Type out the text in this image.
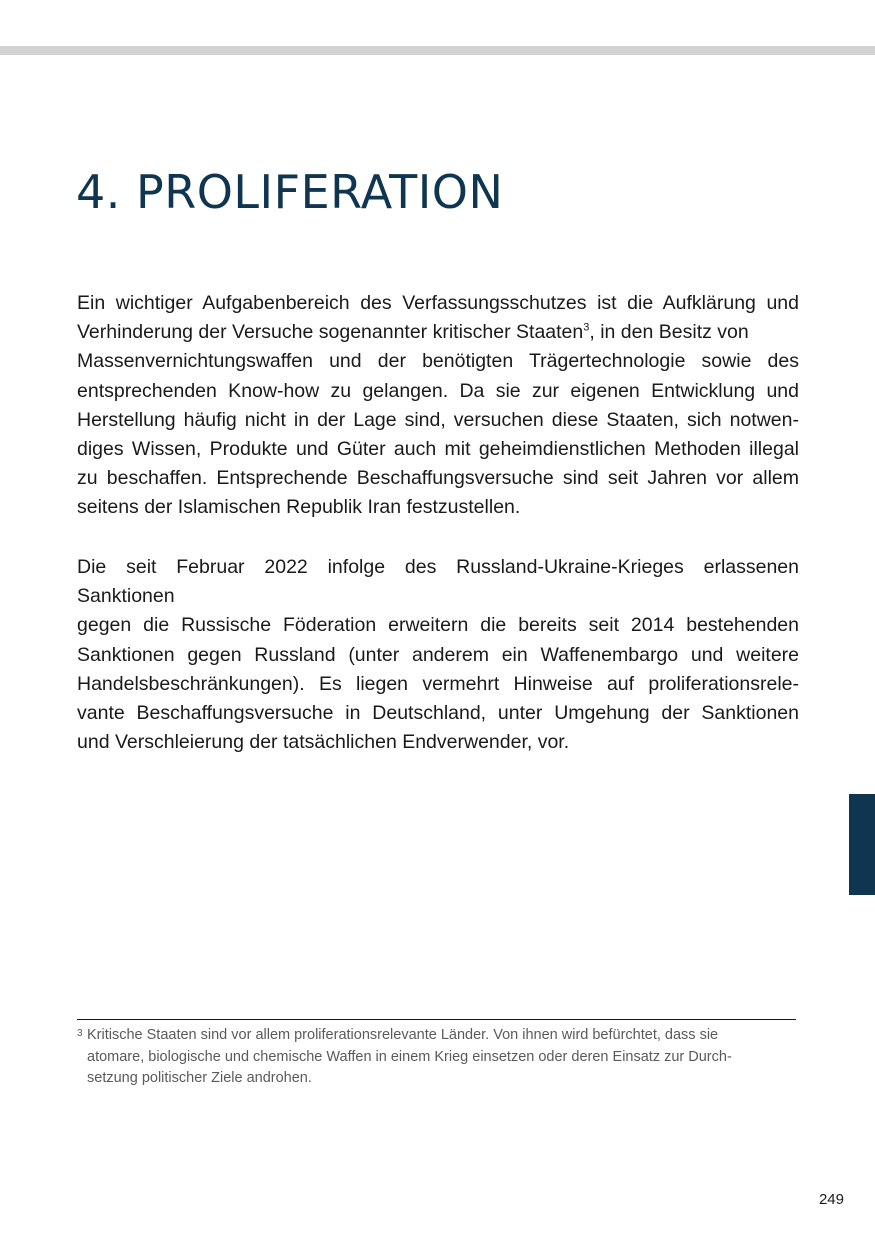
4. PROLIFERATION
Ein wichtiger Aufgabenbereich des Verfassungsschutzes ist die Aufklärung und
Verhinderung der Versuche sogenannter kritischer Staaten$^3$, in den Besitz von
Massenvernichtungswaffen und der benötigten Trägertechnologie sowie des
entsprechenden Know-how zu gelangen. Da sie zur eigenen Entwicklung und
Herstellung häufig nicht in der Lage sind, versuchen diese Staaten, sich notwen-
diges Wissen, Produkte und Güter auch mit geheimdienstlichen Methoden illegal
zu beschaffen. Entsprechende Beschaffungsversuche sind seit Jahren vor allem
seitens der Islamischen Republik Iran festzustellen.
Die seit Februar 2022 infolge des Russland-Ukraine-Krieges erlassenen Sanktionen
gegen die Russische Föderation erweitern die bereits seit 2014 bestehenden
Sanktionen gegen Russland (unter anderem ein Waffenembargo und weitere
Handelsbeschränkungen). Es liegen vermehrt Hinweise auf proliferationsrele-
vante Beschaffungsversuche in Deutschland, unter Umgehung der Sanktionen
und Verschleierung der tatsächlichen Endverwender, vor.
3 Kritische Staaten sind vor allem proliferationsrelevante Länder. Von ihnen wird befürchtet, dass sie
atomare, biologische und chemische Waffen in einem Krieg einsetzen oder deren Einsatz zur Durch-
setzung politischer Ziele androhen.
249
